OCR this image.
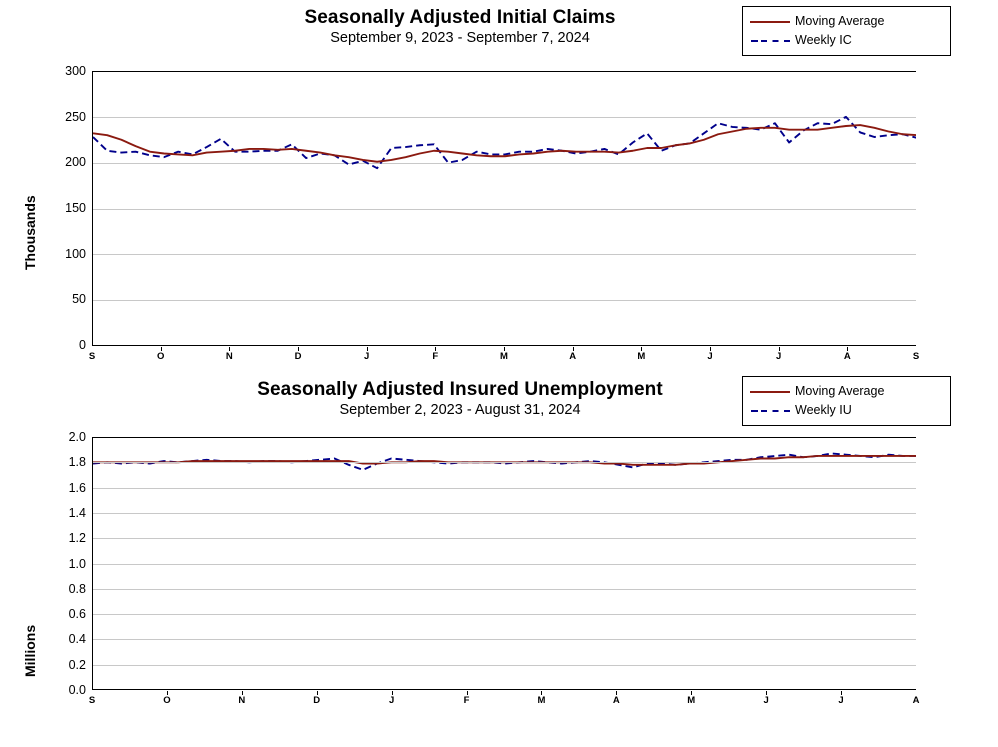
Seasonally Adjusted Initial Claims
September 9, 2023 - September 7, 2024
Moving Average
Weekly IC
Thousands
0
50
100
150
200
250
300
S	O	N	D	J	F	M	A	M	J	J	A	S
Seasonally Adjusted Insured Unemployment
September 2, 2023 - August 31, 2024
Moving Average
Weekly IU
Millions
0.0
0.2
0.4
0.6
0.8
1.0
1.2
1.4
1.6
1.8
2.0
S	O	N	D	J	F	M	A	M	J	J	A
